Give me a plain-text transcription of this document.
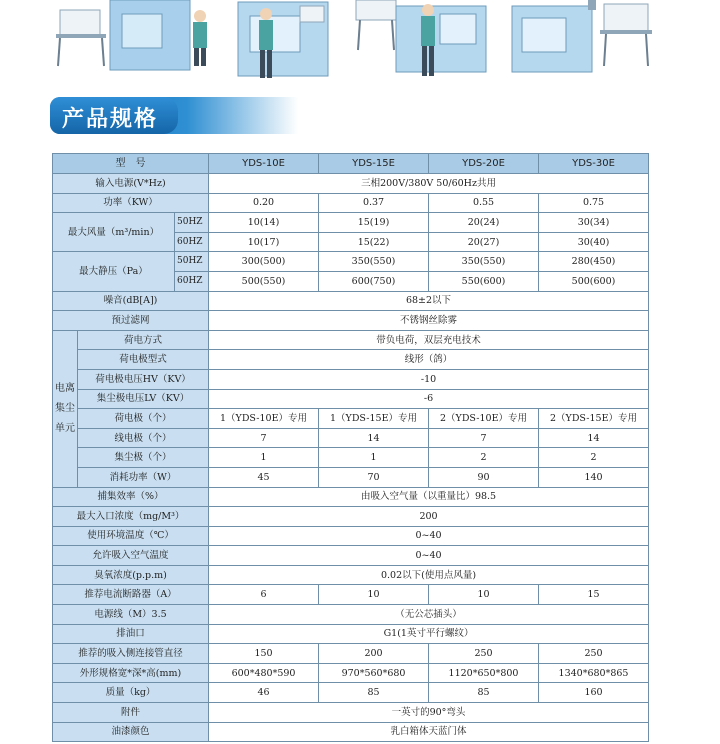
产品规格
型　号			YDS-10E	YDS-15E	YDS-20E	YDS-30E
输入电源(V*Hz)			三相200V/380V 50/60Hz共用			
功率（KW）			0.20	0.37	0.55	0.75
最大风量（m³/min）		50HZ	10(14)	15(19)	20(24)	30(34)
		60HZ	10(17)	15(22)	20(27)	30(40)
最大静压（Pa）		50HZ	300(500)	350(550)	350(550)	280(450)
		60HZ	500(550)	600(750)	550(600)	500(600)
噪音(dB[A])			68±2以下			
预过滤网			不锈钢丝除雾			
电离集尘单元	荷电方式		带负电荷，双层充电技术			
	荷电极型式		线形（鸽）			
	荷电极电压HV（KV）		-10			
	集尘极电压LV（KV）		-6			
	荷电极（个）		1（YDS-10E）专用	1（YDS-15E）专用	2（YDS-10E）专用	2（YDS-15E）专用
	线电极（个）		7	14	7	14
	集尘极（个）		1	1	2	2
	消耗功率（W）		45	70	90	140
捕集效率（%）			由吸入空气量（以重量比）98.5			
最大入口浓度（mg/M³）			200			
使用环境温度（℃）			0~40			
允许吸入空气温度			0~40			
臭氧浓度(p.p.m)			0.02以下(使用点风量)			
推荐电流断路器（A）			6	10	10	15
电源线（M）3.5			（无公芯插头）			
排油口			G1(1英寸平行螺纹）			
推荐的吸入侧连接管直径			150	200	250	250
外形规格宽*深*高(mm)			600*480*590	970*560*680	1120*650*800	1340*680*865
质量（kg）			46	85	85	160
附件			一英寸的90°弯头			
油漆颜色			乳白箱体天蓝门体			
